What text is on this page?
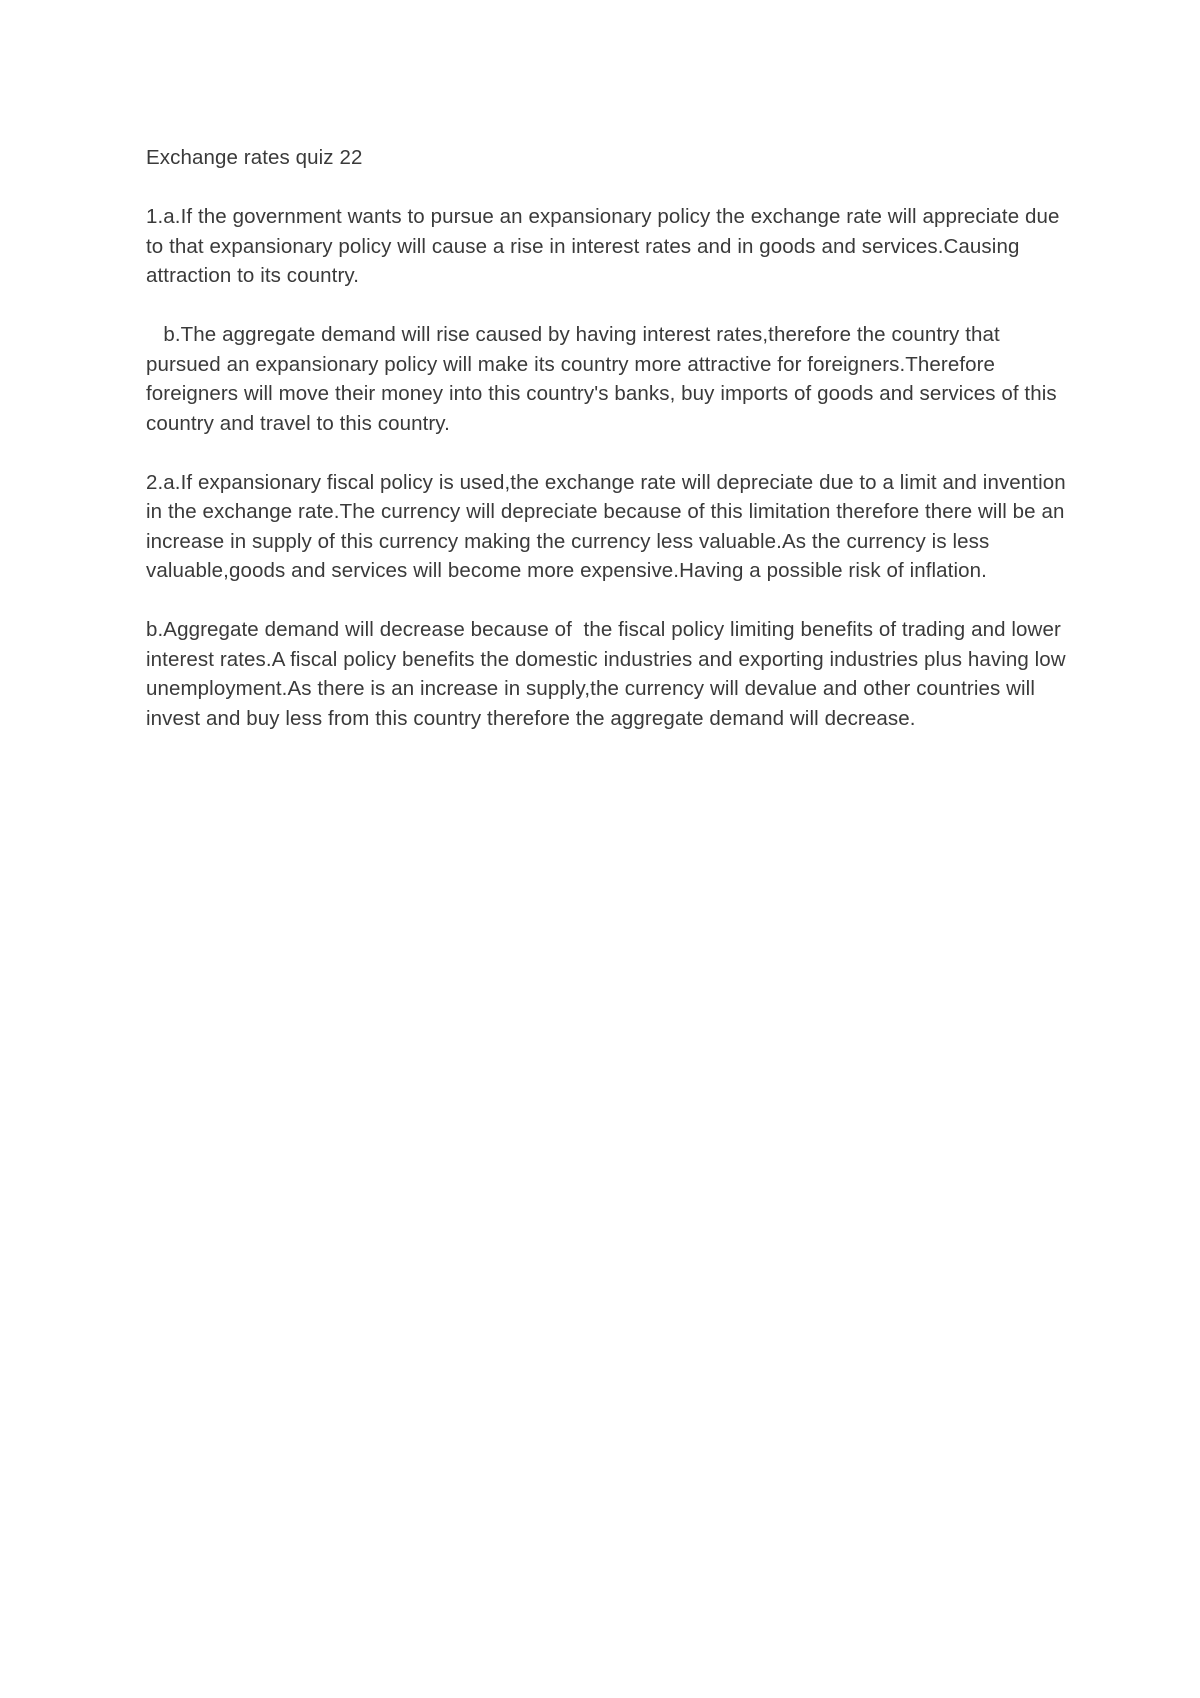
Exchange rates quiz 22

1.a.If the government wants to pursue an expansionary policy the exchange rate will appreciate due to that expansionary policy will cause a rise in interest rates and in goods and services.Causing attraction to its country.

b.The aggregate demand will rise caused by having interest rates,therefore the country that pursued an expansionary policy will make its country more attractive for foreigners.Therefore foreigners will move their money into this country's banks, buy imports of goods and services of this country and travel to this country.

2.a.If expansionary fiscal policy is used,the exchange rate will depreciate due to a limit and invention in the exchange rate.The currency will depreciate because of this limitation therefore there will be an increase in supply of this currency making the currency less valuable.As the currency is less valuable,goods and services will become more expensive.Having a possible risk of inflation.

b.Aggregate demand will decrease because of  the fiscal policy limiting benefits of trading and lower interest rates.A fiscal policy benefits the domestic industries and exporting industries plus having low unemployment.As there is an increase in supply,the currency will devalue and other countries will invest and buy less from this country therefore the aggregate demand will decrease.
